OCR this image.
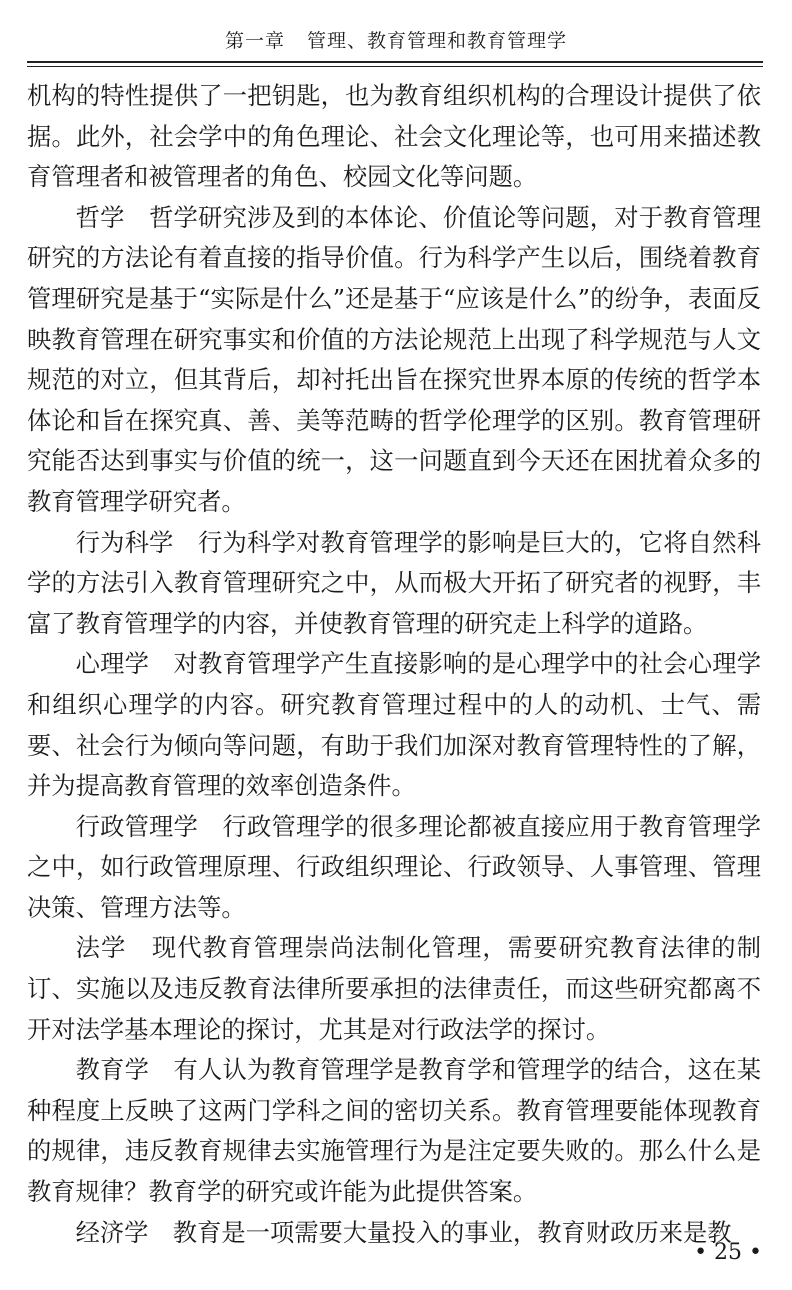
第一章 管理、教育管理和教育管理学

机构的特性提供了一把钥匙，也为教育组织机构的合理设计提供了依据。此外，社会学中的角色理论、社会文化理论等，也可用来描述教育管理者和被管理者的角色、校园文化等问题。

哲学 哲学研究涉及到的本体论、价值论等问题，对于教育管理研究的方法论有着直接的指导价值。行为科学产生以后，围绕着教育管理研究是基于“实际是什么”还是基于“应该是什么”的纷争，表面反映教育管理在研究事实和价值的方法论规范上出现了科学规范与人文规范的对立，但其背后，却衬托出旨在探究世界本原的传统的哲学本体论和旨在探究真、善、美等范畴的哲学伦理学的区别。教育管理研究能否达到事实与价值的统一，这一问题直到今天还在困扰着众多的教育管理学研究者。

行为科学 行为科学对教育管理学的影响是巨大的，它将自然科学的方法引入教育管理研究之中，从而极大开拓了研究者的视野，丰富了教育管理学的内容，并使教育管理的研究走上科学的道路。

心理学 对教育管理学产生直接影响的是心理学中的社会心理学和组织心理学的内容。研究教育管理过程中的人的动机、士气、需要、社会行为倾向等问题，有助于我们加深对教育管理特性的了解，并为提高教育管理的效率创造条件。

行政管理学 行政管理学的很多理论都被直接应用于教育管理学之中，如行政管理原理、行政组织理论、行政领导、人事管理、管理决策、管理方法等。

法学 现代教育管理崇尚法制化管理，需要研究教育法律的制订、实施以及违反教育法律所要承担的法律责任，而这些研究都离不开对法学基本理论的探讨，尤其是对行政法学的探讨。

教育学 有人认为教育管理学是教育学和管理学的结合，这在某种程度上反映了这两门学科之间的密切关系。教育管理要能体现教育的规律，违反教育规律去实施管理行为是注定要失败的。那么什么是教育规律？教育学的研究或许能为此提供答案。

经济学 教育是一项需要大量投入的事业，教育财政历来是教

• 25 •
